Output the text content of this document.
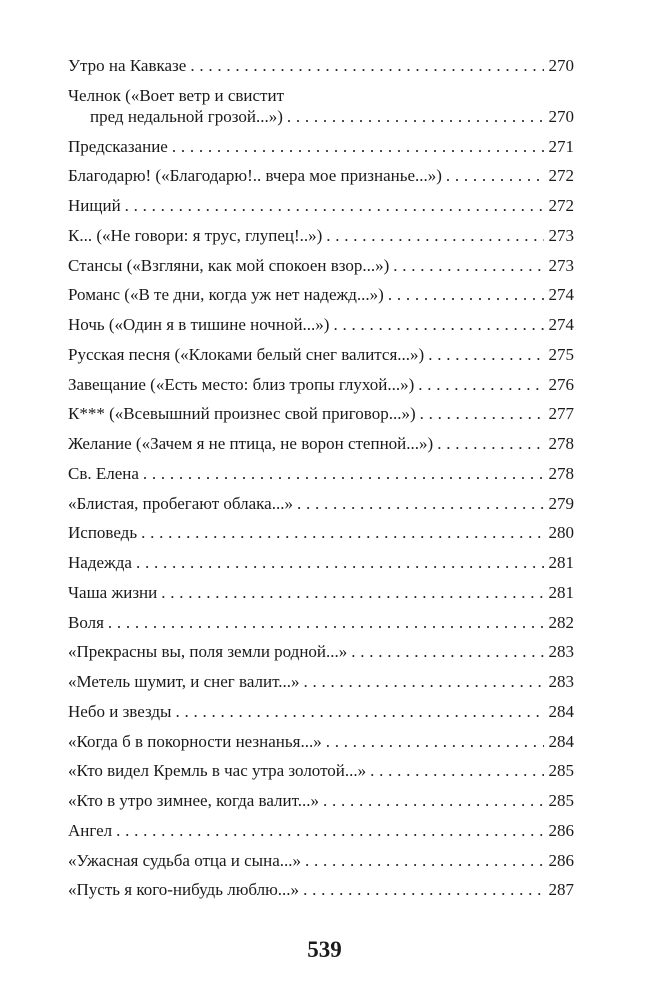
Утро на Кавказе . . .	270
Челнок («Воет ветр и свистит
пред недальной грозой...») . . .	270
Предсказание . . .	271
Благодарю! («Благодарю!.. вчера мое признанье...») . . .	272
Нищий . . .	272
К... («Не говори: я трус, глупец!..») . . .	273
Стансы («Взгляни, как мой спокоен взор...») . . .	273
Романс («В те дни, когда уж нет надежд...») . . .	274
Ночь («Один я в тишине ночной...») . . .	274
Русская песня («Клоками белый снег валится...») . . .	275
Завещание («Есть место: близ тропы глухой...») . . .	276
К*** («Всевышний произнес свой приговор...») . . .	277
Желание («Зачем я не птица, не ворон степной...») . . .	278
Св. Елена . . .	278
«Блистая, пробегают облака...» . . .	279
Исповедь . . .	280
Надежда . . .	281
Чаша жизни . . .	281
Воля . . .	282
«Прекрасны вы, поля земли родной...» . . .	283
«Метель шумит, и снег валит...» . . .	283
Небо и звезды . . .	284
«Когда б в покорности незнанья...» . . .	284
«Кто видел Кремль в час утра золотой...» . . .	285
«Кто в утро зимнее, когда валит...» . . .	285
Ангел . . .	286
«Ужасная судьба отца и сына...» . . .	286
«Пусть я кого-нибудь люблю...» . . .	287
539
